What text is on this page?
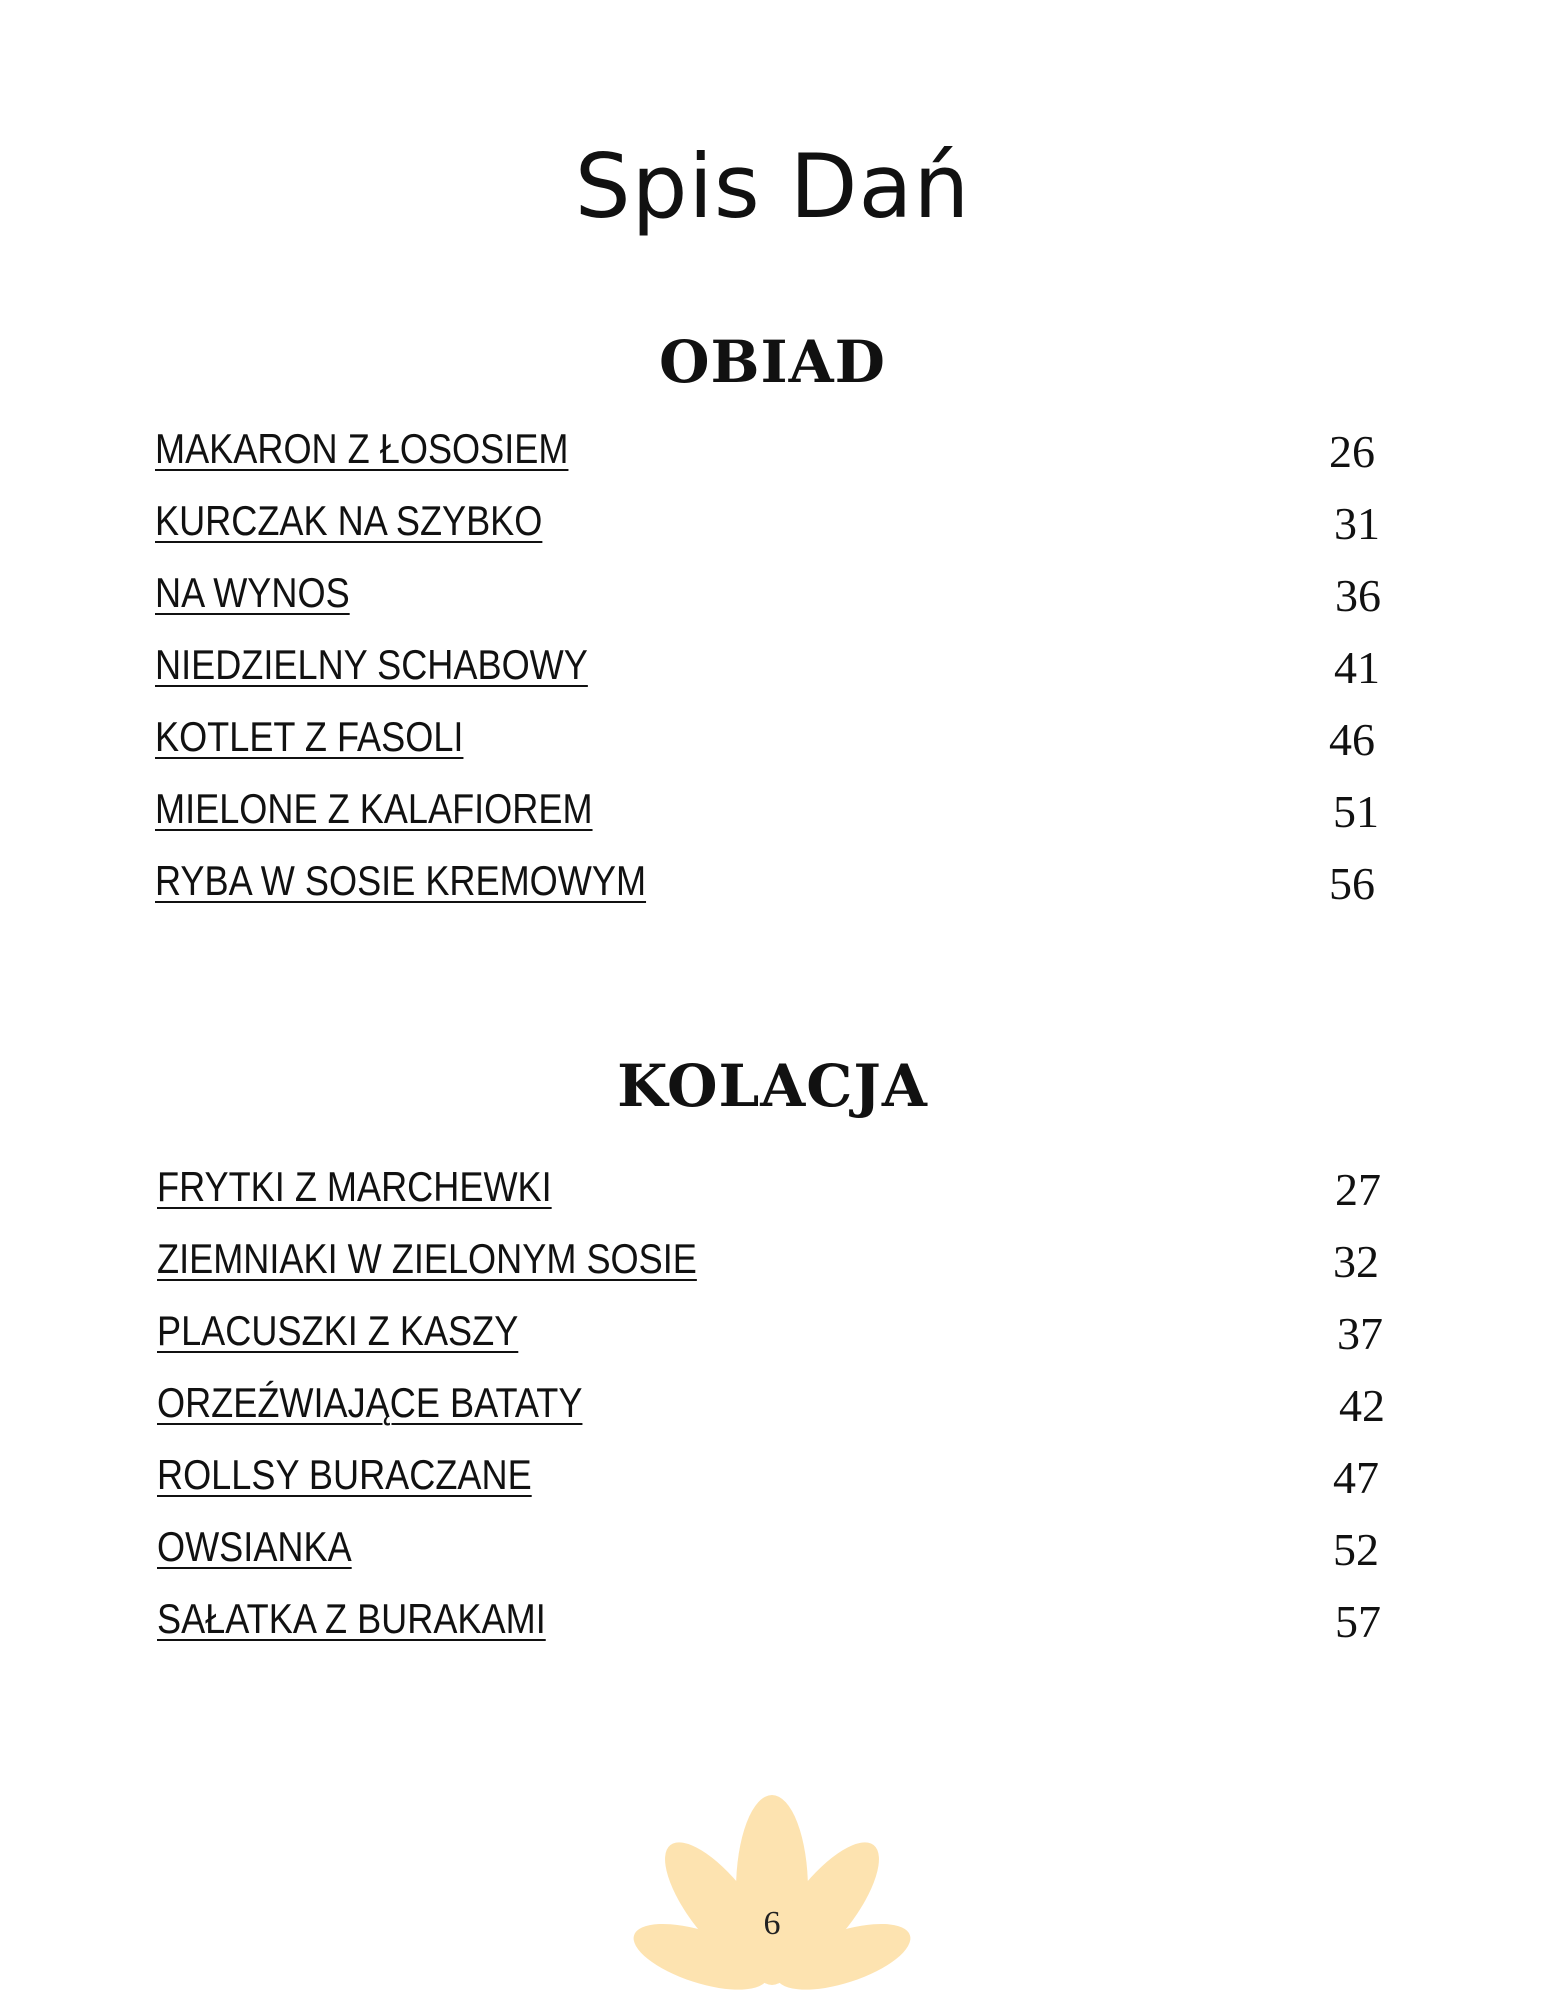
Spis Dań
OBIAD
MAKARON Z ŁOSOSIEM	26
KURCZAK NA SZYBKO	31
NA WYNOS	36
NIEDZIELNY SCHABOWY	41
KOTLET Z FASOLI	46
MIELONE Z KALAFIOREM	51
RYBA W SOSIE KREMOWYM	56
KOLACJA
FRYTKI Z MARCHEWKI	27
ZIEMNIAKI W ZIELONYM SOSIE	32
PLACUSZKI Z KASZY	37
ORZEŹWIAJĄCE BATATY	42
ROLLSY BURACZANE	47
OWSIANKA	52
SAŁATKA Z BURAKAMI	57
6
